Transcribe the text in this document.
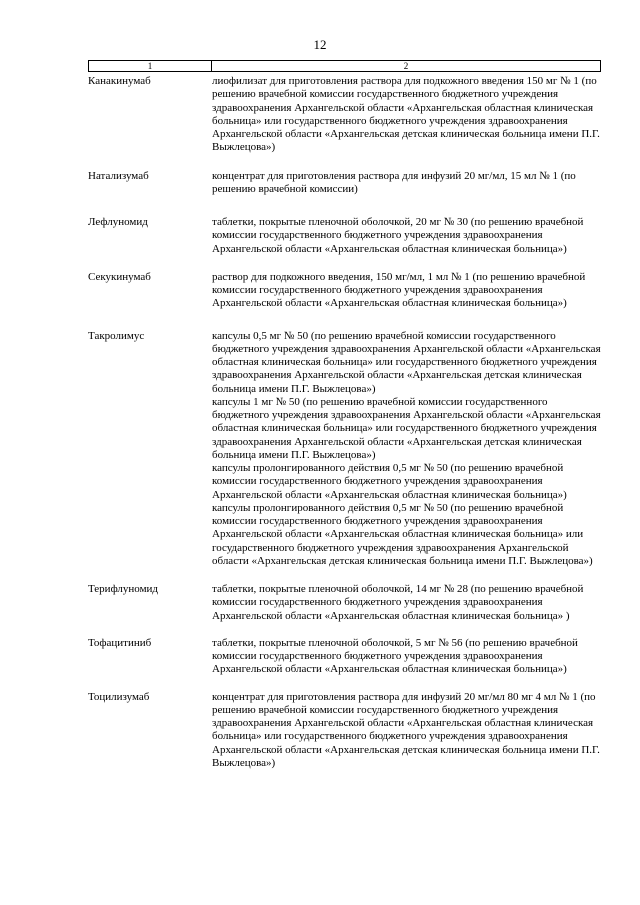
12
1	2
Канакинумаб	лиофилизат для приготовления раствора для подкожного введения 150 мг № 1 (по решению врачебной комиссии государственного бюджетного учреждения здравоохранения Архангельской области «Архангельская областная клиническая больница» или государственного бюджетного учреждения здравоохранения Архангельской области «Архангельская детская клиническая больница имени П.Г. Выжлецова»)
Натализумаб	концентрат для приготовления раствора для инфузий 20 мг/мл, 15 мл № 1 (по решению врачебной комиссии)
Лефлуномид	таблетки, покрытые пленочной оболочкой, 20 мг № 30 (по решению врачебной комиссии государственного бюджетного учреждения здравоохранения Архангельской области «Архангельская областная клиническая больница»)
Секукинумаб	раствор для подкожного введения, 150 мг/мл, 1 мл № 1 (по решению врачебной комиссии государственного бюджетного учреждения здравоохранения Архангельской области «Архангельская областная клиническая больница»)
Такролимус	капсулы 0,5 мг № 50 (по решению врачебной комиссии государственного бюджетного учреждения здравоохранения Архангельской области «Архангельская областная клиническая больница» или государственного бюджетного учреждения здравоохранения Архангельской области «Архангельская детская клиническая больница имени П.Г. Выжлецова»)
капсулы 1 мг № 50 (по решению врачебной комиссии государственного бюджетного учреждения здравоохранения Архангельской области «Архангельская областная клиническая больница» или государственного бюджетного учреждения здравоохранения Архангельской области «Архангельская детская клиническая больница имени П.Г. Выжлецова»)
капсулы пролонгированного действия 0,5 мг № 50 (по решению врачебной комиссии государственного бюджетного учреждения здравоохранения Архангельской области «Архангельская областная клиническая больница»)
капсулы пролонгированного действия 0,5 мг № 50 (по решению врачебной комиссии государственного бюджетного учреждения здравоохранения Архангельской области «Архангельская областная клиническая больница» или государственного бюджетного учреждения здравоохранения Архангельской области «Архангельская детская клиническая больница имени П.Г. Выжлецова»)
Терифлуномид	таблетки, покрытые пленочной оболочкой, 14 мг № 28 (по решению врачебной комиссии государственного бюджетного учреждения здравоохранения Архангельской области «Архангельская областная клиническая больница» )
Тофацитиниб	таблетки, покрытые пленочной оболочкой, 5 мг № 56 (по решению врачебной комиссии государственного бюджетного учреждения здравоохранения Архангельской области «Архангельская областная клиническая больница»)
Тоцилизумаб	концентрат для приготовления раствора для инфузий 20 мг/мл 80 мг 4 мл № 1 (по решению врачебной комиссии государственного бюджетного учреждения здравоохранения Архангельской области «Архангельская областная клиническая больница» или государственного бюджетного учреждения здравоохранения Архангельской области «Архангельская детская клиническая больница имени П.Г. Выжлецова»)
